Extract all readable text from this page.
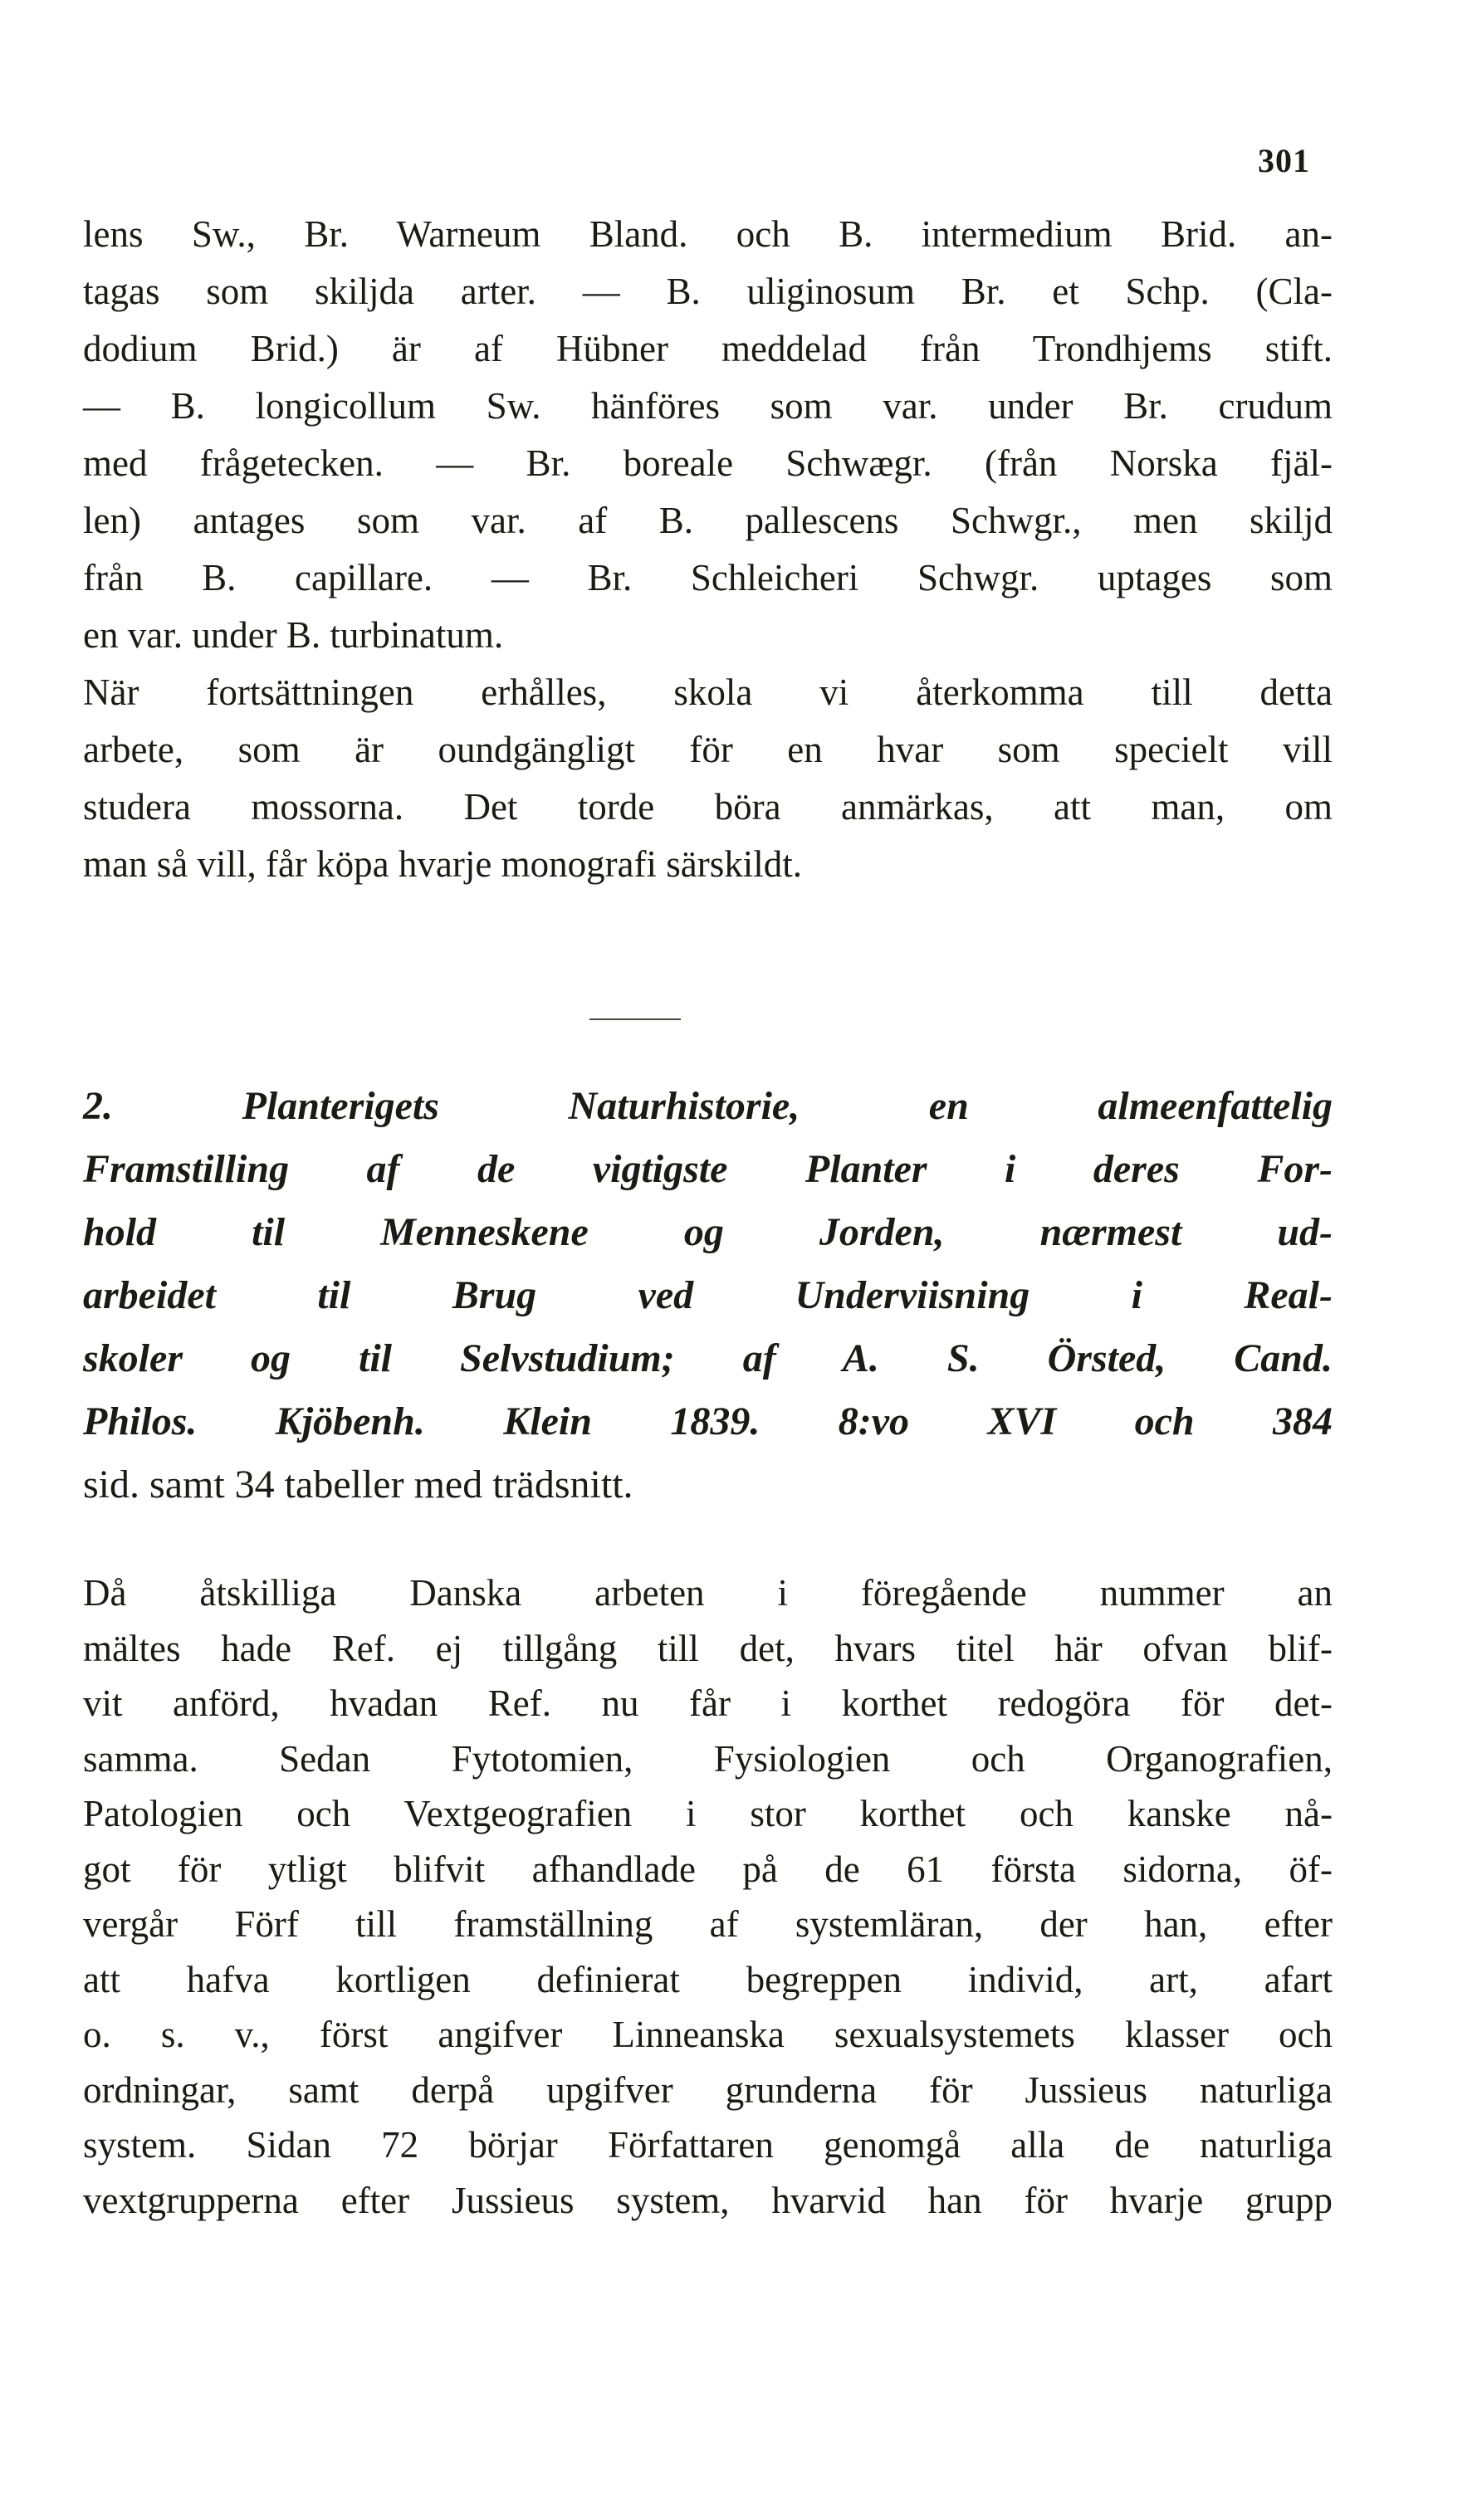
301
lens Sw., Br. Warneum Bland. och B. intermedium Brid. an-
tagas som skiljda arter. — B. uliginosum Br. et Schp. (Cla-
dodium Brid.) är af Hübner meddelad från Trondhjems stift.
— B. longicollum Sw. hänföres som var. under Br. crudum
med frågetecken. — Br. boreale Schwægr. (från Norska fjäl-
len) antages som var. af B. pallescens Schwgr., men skiljd
från B. capillare. — Br. Schleicheri Schwgr. uptages som
en var. under B. turbinatum.
När fortsättningen erhålles, skola vi återkomma till detta
arbete, som är oundgängligt för en hvar som specielt vill
studera mossorna. Det torde böra anmärkas, att man, om
man så vill, får köpa hvarje monografi särskildt.
2. Planterigets Naturhistorie, en almeenfattelig
Framstilling af de vigtigste Planter i deres For-
hold til Menneskene og Jorden, nærmest ud-
arbeidet til Brug ved Underviisning i Real-
skoler og til Selvstudium; af A. S. Örsted, Cand.
Philos. Kjöbenh. Klein 1839. 8:vo XVI och 384
sid. samt 34 tabeller med trädsnitt.
Då åtskilliga Danska arbeten i föregående nummer an
mältes hade Ref. ej tillgång till det, hvars titel här ofvan blif-
vit anförd, hvadan Ref. nu får i korthet redogöra för det-
samma. Sedan Fytotomien, Fysiologien och Organografien,
Patologien och Vextgeografien i stor korthet och kanske nå-
got för ytligt blifvit afhandlade på de 61 första sidorna, öf-
vergår Förf till framställning af systemläran, der han, efter
att hafva kortligen definierat begreppen individ, art, afart
o. s. v., först angifver Linneanska sexualsystemets klasser och
ordningar, samt derpå upgifver grunderna för Jussieus naturliga
system. Sidan 72 börjar Författaren genomgå alla de naturliga
vextgrupperna efter Jussieus system, hvarvid han för hvarje grupp
